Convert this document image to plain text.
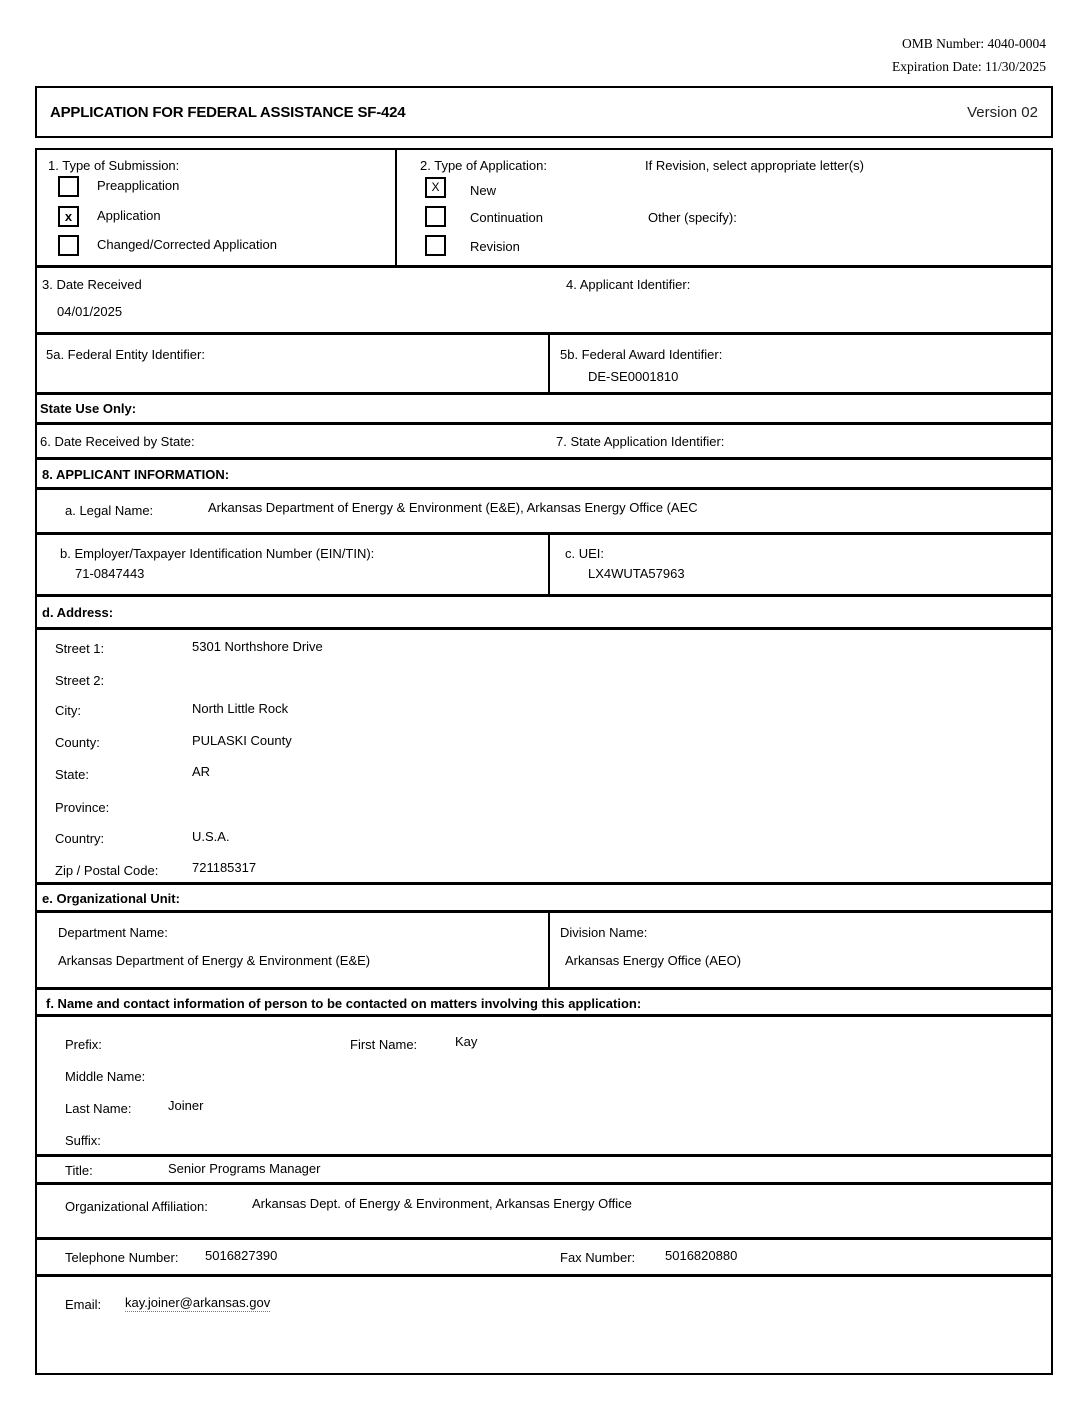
OMB Number: 4040-0004
Expiration Date: 11/30/2025
APPLICATION FOR FEDERAL ASSISTANCE SF-424	Version 02
1. Type of Submission:
Preapplication
x	Application
Changed/Corrected Application
2. Type of Application:	If Revision, select appropriate letter(s)
X	New
Continuation	Other (specify):
Revision
3. Date Received
04/01/2025
4. Applicant Identifier:
5a. Federal Entity Identifier:	5b. Federal Award Identifier:
DE-SE0001810
State Use Only:
6. Date Received by State:	7. State Application Identifier:
8. APPLICANT INFORMATION:
a. Legal Name:	Arkansas Department of Energy & Environment (E&E), Arkansas Energy Office (AEC
b. Employer/Taxpayer Identification Number (EIN/TIN):
71-0847443
c. UEI:
LX4WUTA57963
d. Address:
Street 1:	5301 Northshore Drive
Street 2:
City:	North Little Rock
County:	PULASKI County
State:	AR
Province:
Country:	U.S.A.
Zip / Postal Code:	721185317
e. Organizational Unit:
Department Name:
Arkansas Department of Energy & Environment (E&E)
Division Name:
Arkansas Energy Office (AEO)
f. Name and contact information of person to be contacted on matters involving this application:
Prefix:	First Name:	Kay
Middle Name:
Last Name:	Joiner
Suffix:
Title:	Senior Programs Manager
Organizational Affiliation:	Arkansas Dept. of Energy & Environment, Arkansas Energy Office
Telephone Number: 5016827390	Fax Number: 5016820880
Email: kay.joiner@arkansas.gov
